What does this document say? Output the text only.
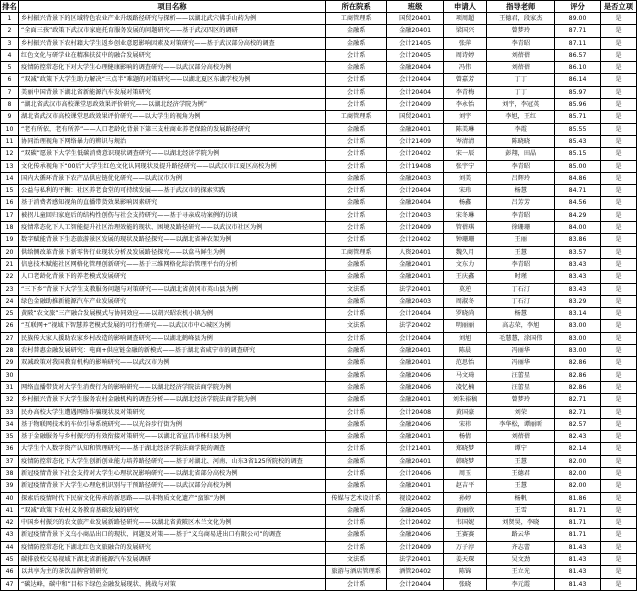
排名	项目名称	所在院系	班级	申请人	指导老师	评分	是否立项
1	乡村振兴背景下的区域特色农业产业升级路径研究与探析——以湖北武穴佛手山药为例	工商管理系	国贸20401	项周超	王德君，段家杰	89.00	是
2	“全面三孩”政策下武汉市家庭托育服务发展的问题研究——基于武汉四区的调研	金融系	金融20401	梁国兴	曾梦玲	87.71	是
3	乡村振兴背景下农村籍大学生返乡创业意愿影响因素及对策研究——基于武汉部分高校的调查	金融系	会计21405	张萍	李青昭	87.11	是
4	红色文化与研学业在精准扶贫中的融合发展研究	会计系	会计20405	周诗婷	刘蓓蓓	86.57	是
5	疫情防控常态化下对大学生心理健康影响的调查研究——以武汉部分高校为例	金融系	金融20404	冯伟	刘蓓蓓	86.10	是
6	“双减”政策下大学生助力解决“三点半”难题的对策研究——以湖北夏区东湖学校为例	会计系	会计20404	曾嘉芳	丁丁	86.14	是
7	美丽中国背景下湖北省新能源汽车发展对策研究	会计系	会计20404	李青梅	丁丁	85.97	是
8	“湖北省武汉市高校课堂思政效果评价研究——以湖北经济学院为例”	会计系	会计20409	李永怡	刘宇，李冠英	85.96	是
9	湖北省武汉市高校课堂思政效果评价研究——以大学生的视角为例	工商管理系	国贸20401	刘宇	李旭，王红	85.71	是
10	“老有所依，老有所养”——人口老龄化背景下第三支柱商业养老保险的发展路径研究	金融系	金融20401	陈美琳	李霞	85.55	是
11	协同治理视角下网络暴力的辨识与规治	会计系	会计21409	岑清清	陈晓晓	85.43	是
12	“双碳”愿景下大学生低碳消费意识现状调查研究——以湖北经济学院为例	会计系	会计20402	宋一辰	彭翔，田晶	85.15	是
13	文化传承视角下“00后”大学生红色文化认同现状及提升路径研究——以武汉市江夏区高校为例	会计系	会计19408	张宇宁	李青昭	85.00	是
14	国内大循环背景下农产品供应链优化研究——以武汉市为例	金融系	金融20403	刘美	吕辉玲	84.86	是
15	公益与私利的平衡：社区养老食堂的可持续发展——基于武汉市的探索实践	会计系	会计20404	宋玮	杨慧	84.71	是
16	基于消费者感知视角的直播带货效果影响因素研究	金融系	金融20404	杨鑫	吕芳芳	84.56	是
17	被拐儿童回归家庭后的结构性创伤与社会支持研究——基于寻亲成功案例的访谈	会计系	会计20403	宋冬琳	李青昭	84.29	是
18	疫情常态化下人工智能提升社区治理效能的现状、困境及路径研究——以武汉市社区为例	会计系	会计20409	管蓓琪	徐珊珊	84.00	是
19	数字赋能背景下生态旅游景区发展的现状及路径探究——以湖北省神农架为例	会计系	会计20402	钟珊珊	王丽	83.86	是
20	供给侧改革背景下新零售行业现状分析及发展路径探究——以盒马鲜生为例	工商管理系	人资20401	魏久月	王慧	83.57	是
21	信息技术赋能社区网格化管理创新研究——基于三维网格化综治管理平台的分析	金融系	金融20401	文东力	李青昭	83.43	是
22	人口老龄化背景下的养老模式发展研究	金融系	金融20401	王庆鑫	时瑾	83.43	是
23	“三下乡”背景下大学生支教服务问题与对策研究——以湖北省黄冈市英山县为例	文法系	法学20401	莫逆	丁石汀	83.43	是
24	绿色金融助推新能源汽车产业发展研究	金融系	金融20403	周淑冬	丁石汀	83.29	是
25	黄陂“农文旅”三产融合发展模式与协同效应——以胡兴昭农机小镇为例	会计系	会计20404	罗晓尚	杨慧	83.14	是
26	“互联网+”视域下智慧养老模式发展的可行性研究——以武汉市中心城区为例	文法系	法学20402	明丽丽	高志荣，李旭	83.00	是
27	民族传大家人援助农家乡村改造的影响调查研究——以湖北鹤峰县为例	会计系	会计20404	刘旭	毛慧慧，涂国伟	83.00	是
28	农村普惠金融发展研究：电商+供应链金融的新模式——基于湖北省咸宁市的调查研究	金融系	金融20401	陈晨	冯丽华	83.00	是
29	双减政策对我国教育机构的影响研究——以武汉市为例	金融系	金融20401	范思怡	冯丽华	82.86	是
30		金融系	金融20406	马文琦	汪蕾星	82.86	是
31	网络直播带货对大学生消费行为的影响研究——以湖北经济学院法商学院为例	金融系	金融20406	凌忆楠	汪蕾星	82.86	是
32	乡村振兴背景下大学生服务农村金融机构的调查分析——以湖北经济学院法商学院为例	金融系	金融20401	刘朱裕稿	曾梦玲	82.71	是
33	民办高校大学生遭遇网络诈骗现状及对策研究	会计系	会计20408	黄国豪	刘荣	82.71	是
34	基于物联网技术的车位引导系统研究——以光谷步行街为例	金融系	金融20406	宋祎	李华松，谭丽昕	82.57	是
35	基于金融服务与乡村振兴的有效衔接对策研究——以湖北省宣昌市秭归县为例	金融系	金融20401	杨倩	刘蓓蓓	82.43	是
36	大学生个人数字资产认知和管理研究——基于湖北经济学院法商学院的调查	会计系	会计21401	郑晓梦	谭宁	82.14	是
37	疫情防控常态化下大学生创新创业能力培养路径研究——基于对湖北、河南、山东3省125所院校的调查	金融系	金融20401	韩晓梦	王慧	82.00	是
38	新冠疫情背景下社会支持对大学生心理状况影响研究——以湖北省部分高校为例	会计系	会计20406	周玉	王德君	82.00	是
39	新冠疫情背景下大学生心理危机识别与干预路径研究——以武汉部分高校为例	金融系	金融20401	赵吉平	王慧	82.00	是
40	探索后疫情时代下民宿文化传承的新思路——以非物质文化遗产“蛮锥”为例	传媒与艺术设计系	视设20402	孙婷	杨帆	81.86	是
41	“双减”政策下农村义务教育基础发展的研究	金融系	金融20405	黄丽欣	王雪	81.71	是
42	中国乡村振兴的农文旅产业发展新路径研究——以湖北省黄陂区木兰文化为例	会计系	会计20402	韦国妮	刘贤昊，李晓	81.71	是
43	新冠疫情背景下义乌小商品出口的现状、问题及对策——基于“义乌商易进出口有限公司”的调查	金融系	金融20406	王赛赛	路云华	81.71	是
44	疫情防控常态化下湖北红色文旅融合的发展研究	会计系	会计20409	万子淳	齐志蕾	81.43	是
45	碳排放校交易视域下湖北省新能源汽车发展调研	文法系	法学20401	姜天琛	吴文劲	81.43	是
46	以共享为主的茶饮品牌营销研究	旅游与酒店管理系	酒管20402	陈锦	王立光	81.43	是
47	“碳达峰，碳中和”目标下绿色金融发展现状、挑战与对策	会计系	会计20404	张晓	李元霞	81.43	是
